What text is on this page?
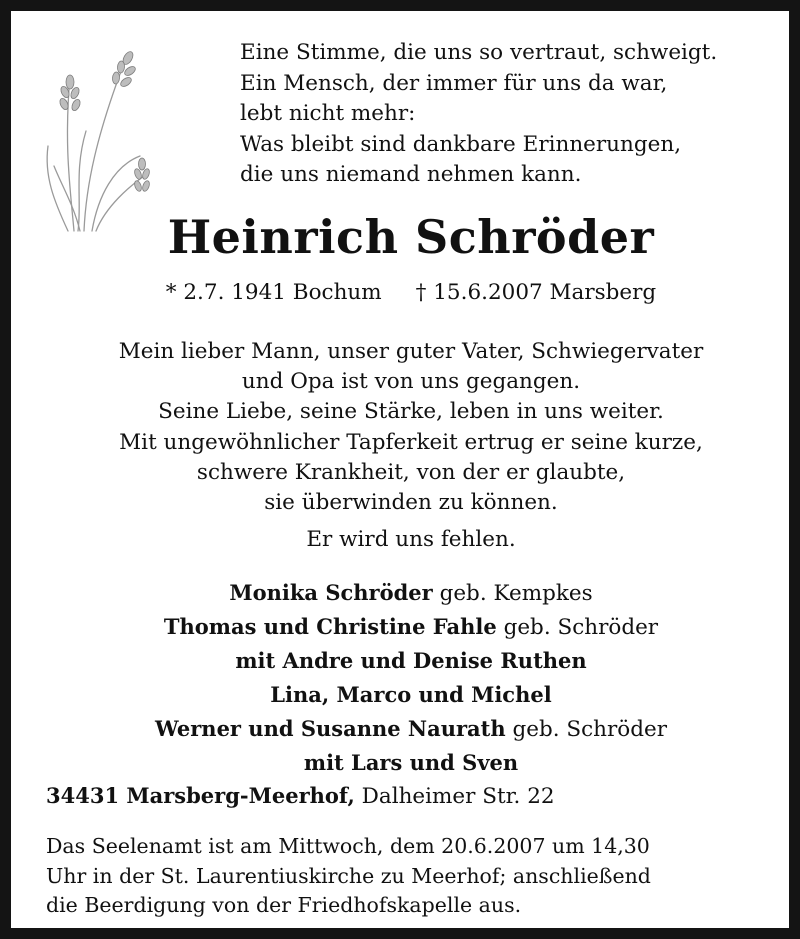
Eine Stimme, die uns so vertraut, schweigt.
Ein Mensch, der immer für uns da war,
lebt nicht mehr:
Was bleibt sind dankbare Erinnerungen,
die uns niemand nehmen kann.
Heinrich Schröder
* 2.7. 1941 Bochum † 15.6.2007 Marsberg
Mein lieber Mann, unser guter Vater, Schwiegervater
und Opa ist von uns gegangen.
Seine Liebe, seine Stärke, leben in uns weiter.
Mit ungewöhnlicher Tapferkeit ertrug er seine kurze,
schwere Krankheit, von der er glaubte,
sie überwinden zu können.
Er wird uns fehlen.
Monika Schröder geb. Kempkes
Thomas und Christine Fahle geb. Schröder
mit Andre und Denise Ruthen
Lina, Marco und Michel
Werner und Susanne Naurath geb. Schröder
mit Lars und Sven
34431 Marsberg-Meerhof, Dalheimer Str. 22
Das Seelenamt ist am Mittwoch, dem 20.6.2007 um 14,30
Uhr in der St. Laurentiuskirche zu Meerhof; anschließend
die Beerdigung von der Friedhofskapelle aus.
